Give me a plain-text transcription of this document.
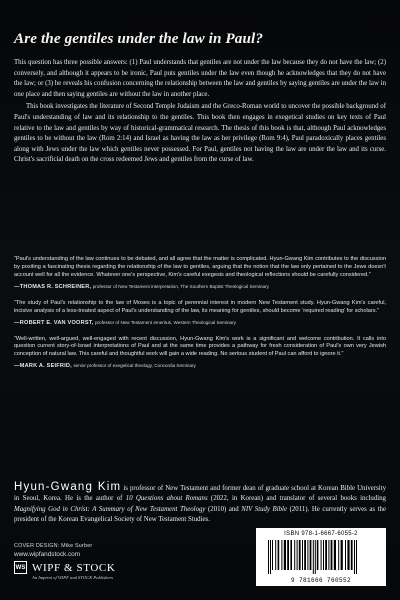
Are the gentiles under the law in Paul?

This question has three possible answers: (1) Paul understands that gentiles are not under the law because they do not have the law; (2) conversely, and although it appears to be ironic, Paul puts gentiles under the law even though he acknowledges that they do not have the law; or (3) he reveals his confusion concerning the relationship between the law and gentiles by saying gentiles are under the law in one place and then saying gentiles are without the law in another place.

This book investigates the literature of Second Temple Judaism and the Greco-Roman world to uncover the possible background of Paul's understanding of law and its relationship to the gentiles. This book then engages in exegetical studies on key texts of Paul relative to the law and gentiles by way of historical-grammatical research. The thesis of this book is that, although Paul acknowledges gentiles to be without the law (Rom 2:14) and Israel as having the law as her privilege (Rom 9:4), Paul paradoxically places gentiles along with Jews under the law which gentiles never possessed. For Paul, gentiles not having the law are under the law and its curse. Christ's sacrificial death on the cross redeemed Jews and gentiles from the curse of law.

“Paul's understanding of the law continues to be debated, and all agree that the matter is complicated. Hyun-Gwang Kim contributes to the discussion by positing a fascinating thesis regarding the relationship of the law to gentiles, arguing that the notion that the law only pertained to the Jews doesn't account well for all the evidence. Whatever one's perspective, Kim's careful exegesis and theological reflections should be carefully considered.”

—THOMAS R. SCHREINER, professor of New Testament interpretation, The Southern Baptist Theological Seminary

“The study of Paul's relationship to the law of Moses is a topic of perennial interest in modern New Testament study. Hyun-Gwang Kim's careful, incisive analysis of a less-treated aspect of Paul's understanding of the law, its meaning for gentiles, should become ‘required reading’ for scholars.”

—ROBERT E. VAN VOORST, professor of New Testament emeritus, Western Theological Seminary

“Well-written, well-argued, well-engaged with recent discussion, Hyun-Gwang Kim's work is a significant and welcome contribution. It calls into question current story-of-Israel interpretations of Paul and at the same time provides a pathway for fresh consideration of Paul's own very Jewish conception of natural law. This careful and thoughtful work will gain a wide reading. No serious student of Paul can afford to ignore it.”

—MARK A. SEIFRID, senior professor of exegetical theology, Concordia Seminary
Hyun-Gwang Kim is professor of New Testament and former dean of graduate school at Korean Bible University in Seoul, Korea. He is the author of 10 Questions about Romans (2022, in Korean) and translator of several books including Magnifying God in Christ: A Summary of New Testament Theology (2010) and NIV Study Bible (2011). He currently serves as the president of the Korean Evangelical Society of New Testament Studies.
COVER DESIGN: Mike Surber
www.wipfandstock.com
WS WIPF & STOCK
An Imprint of WIPF and STOCK Publishers
ISBN 978-1-6667-6055-2
9 781666 760552
